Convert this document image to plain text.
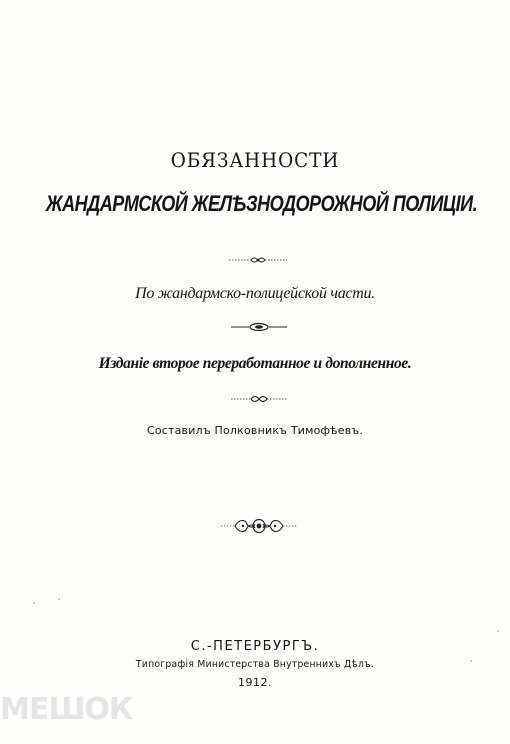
ОБЯЗАННОСТИ
ЖАНДАРМСКОЙ ЖЕЛѢЗНОДОРОЖНОЙ ПОЛИЦІИ.
По жандармско-полицейской части.
Изданіе второе переработанное и дополненное.
Составилъ Полковникъ Тимофѣевъ.
С.-ПЕТЕРБУРГЪ.
Типографія Министерства Внутреннихъ Дѣлъ.
1912.
МЕШОК
